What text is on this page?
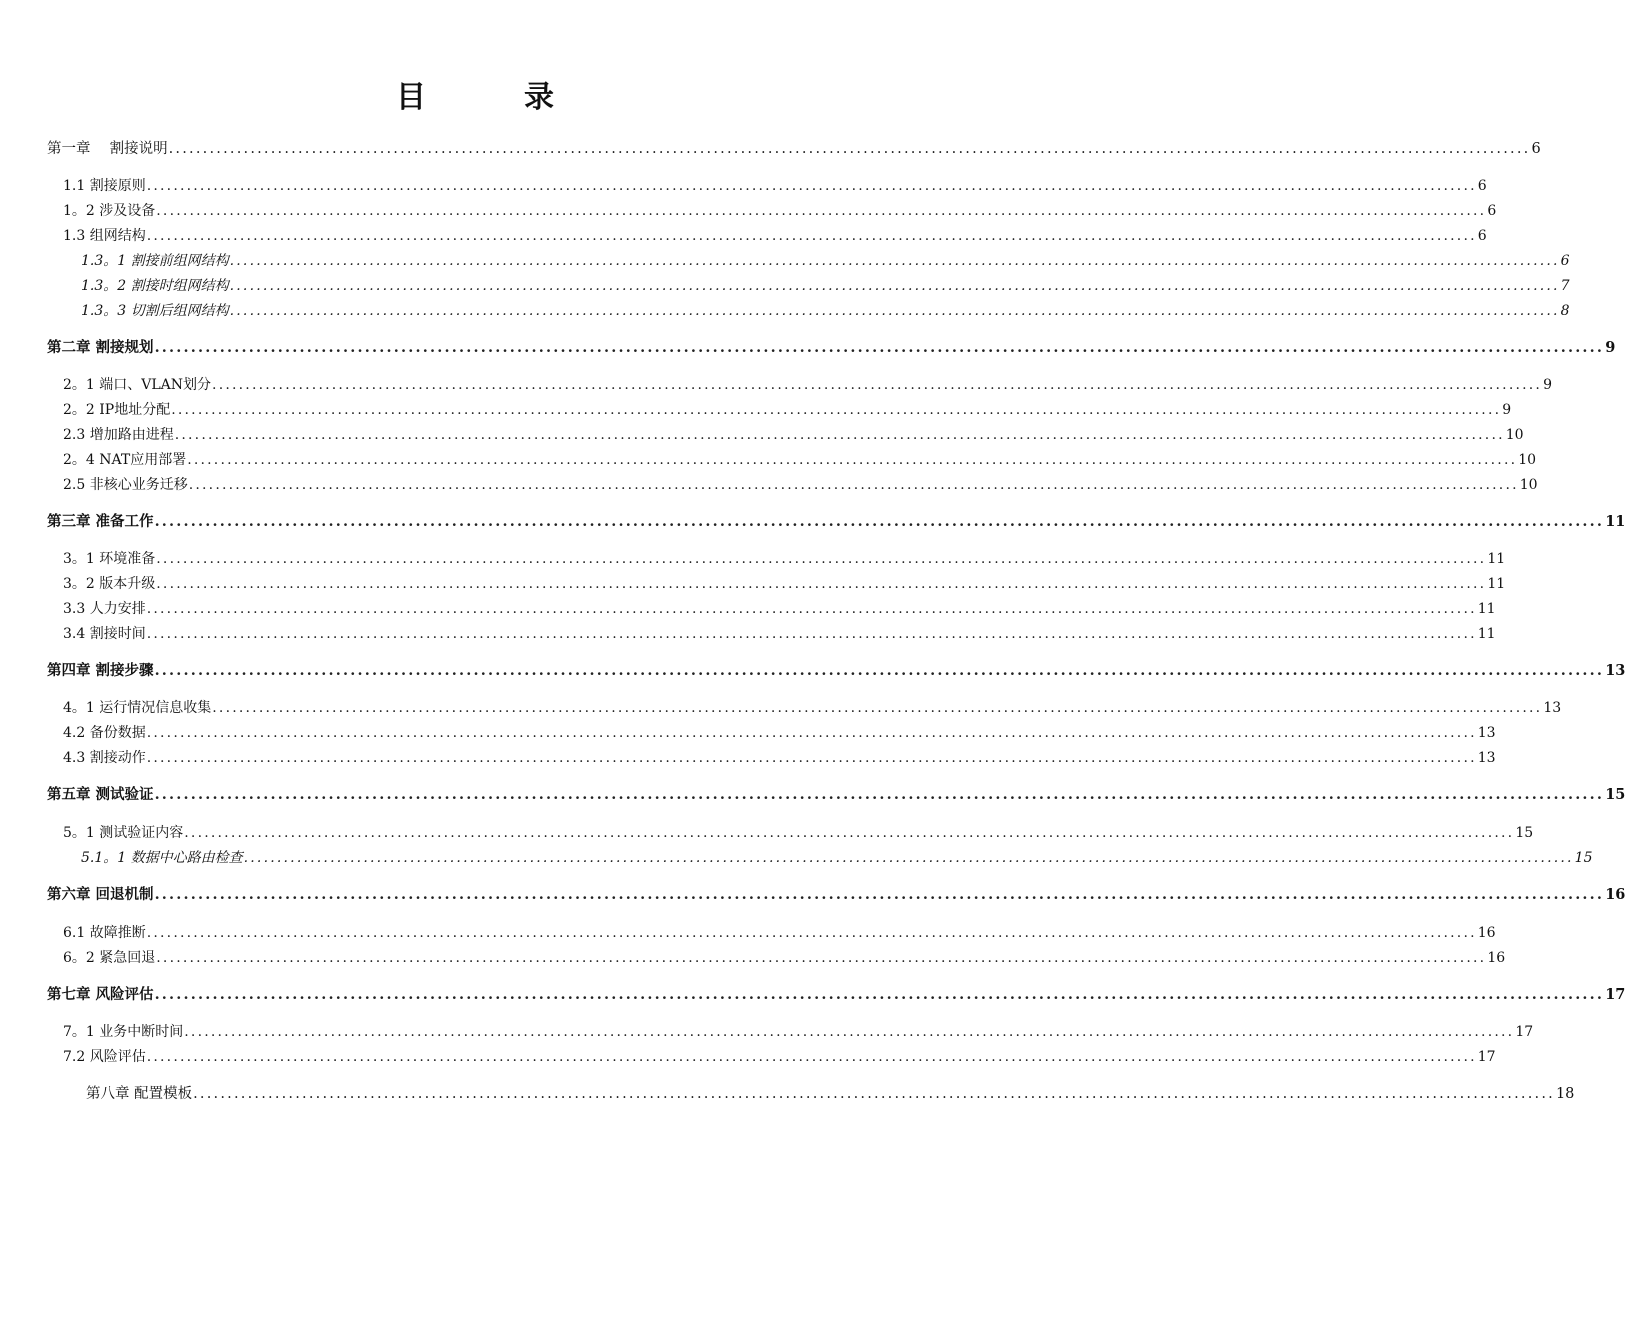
目　录
第一章　 割接说明 ........................................................................................................................................................................................................ 6
1.1 割接原则 ........................................................................................................................................................................................................ 6
1。2 涉及设备 ........................................................................................................................................................................................................ 6
1.3 组网结构 ........................................................................................................................................................................................................ 6
1.3。1 割接前组网结构 ........................................................................................................................................................................................................ 6
1.3。2 割接时组网结构 ........................................................................................................................................................................................................ 7
1.3。3 切割后组网结构 ........................................................................................................................................................................................................ 8
第二章 割接规划 ........................................................................................................................................................................................................ 9
2。1 端口、VLAN划分 ........................................................................................................................................................................................................ 9
2。2 IP地址分配 ........................................................................................................................................................................................................ 9
2.3 增加路由进程 ........................................................................................................................................................................................................ 10
2。4 NAT应用部署 ........................................................................................................................................................................................................ 10
2.5 非核心业务迁移 ........................................................................................................................................................................................................ 10
第三章 准备工作 ........................................................................................................................................................................................................ 11
3。1 环境准备 ........................................................................................................................................................................................................ 11
3。2 版本升级 ........................................................................................................................................................................................................ 11
3.3 人力安排 ........................................................................................................................................................................................................ 11
3.4 割接时间 ........................................................................................................................................................................................................ 11
第四章 割接步骤 ........................................................................................................................................................................................................ 13
4。1 运行情况信息收集 ........................................................................................................................................................................................................ 13
4.2 备份数据 ........................................................................................................................................................................................................ 13
4.3 割接动作 ........................................................................................................................................................................................................ 13
第五章 测试验证 ........................................................................................................................................................................................................ 15
5。1 测试验证内容 ........................................................................................................................................................................................................ 15
5.1。1 数据中心路由检查 ........................................................................................................................................................................................................ 15
第六章 回退机制 ........................................................................................................................................................................................................ 16
6.1 故障推断 ........................................................................................................................................................................................................ 16
6。2 紧急回退 ........................................................................................................................................................................................................ 16
第七章 风险评估 ........................................................................................................................................................................................................ 17
7。1 业务中断时间 ........................................................................................................................................................................................................ 17
7.2 风险评估 ........................................................................................................................................................................................................ 17
第八章 配置模板 ........................................................................................................................................................................................................ 18
